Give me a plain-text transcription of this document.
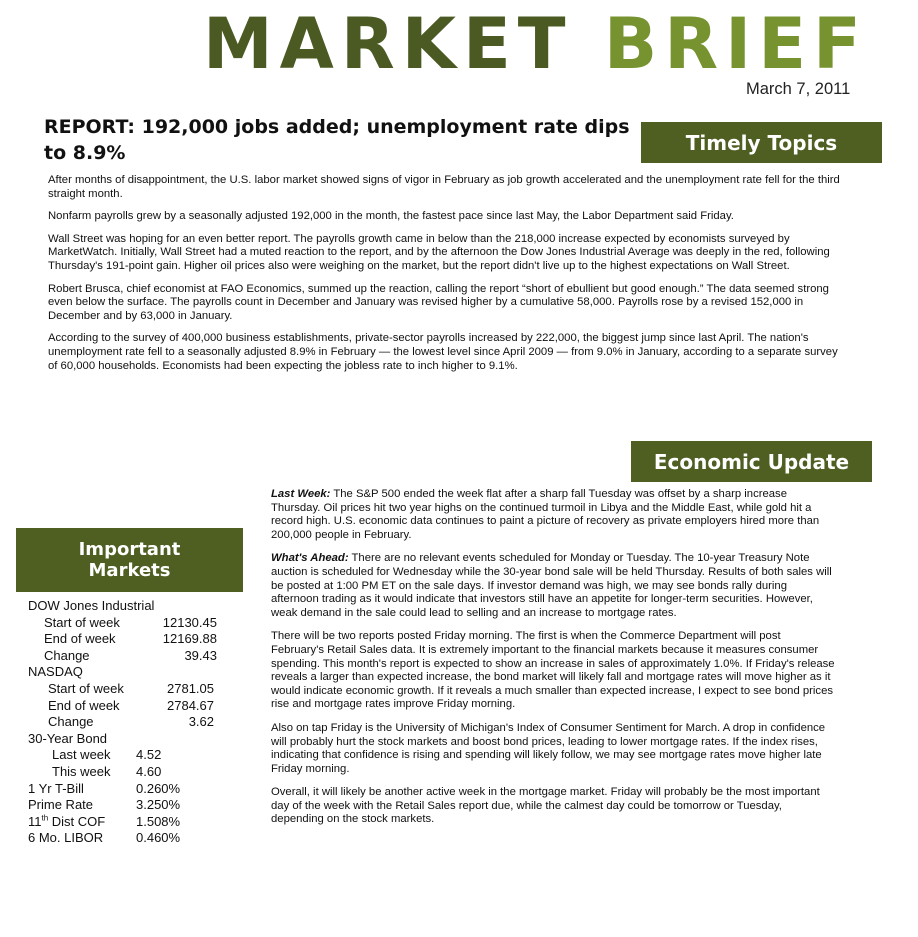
MARKET BRIEF
March 7, 2011
REPORT: 192,000 jobs added; unemployment rate dips to 8.9%	Timely Topics

After months of disappointment, the U.S. labor market showed signs of vigor in February as job growth accelerated and the unemployment rate fell for the third straight month.

Nonfarm payrolls grew by a seasonally adjusted 192,000 in the month, the fastest pace since last May, the Labor Department said Friday.

Wall Street was hoping for an even better report. The payrolls growth came in below than the 218,000 increase expected by economists surveyed by MarketWatch. Initially, Wall Street had a muted reaction to the report, and by the afternoon the Dow Jones Industrial Average was deeply in the red, following Thursday's 191-point gain. Higher oil prices also were weighing on the market, but the report didn't live up to the highest expectations on Wall Street.

Robert Brusca, chief economist at FAO Economics, summed up the reaction, calling the report “short of ebullient but good enough.” The data seemed strong even below the surface. The payrolls count in December and January was revised higher by a cumulative 58,000. Payrolls rose by a revised 152,000 in December and by 63,000 in January.

According to the survey of 400,000 business establishments, private-sector payrolls increased by 222,000, the biggest jump since last April. The nation's unemployment rate fell to a seasonally adjusted 8.9% in February — the lowest level since April 2009 — from 9.0% in January, according to a separate survey of 60,000 households. Economists had been expecting the jobless rate to inch higher to 9.1%.

Economic Update

Last Week: The S&P 500 ended the week flat after a sharp fall Tuesday was offset by a sharp increase Thursday. Oil prices hit two year highs on the continued turmoil in Libya and the Middle East, while gold hit a record high. U.S. economic data continues to paint a picture of recovery as private employers hired more than 200,000 people in February.

What's Ahead: There are no relevant events scheduled for Monday or Tuesday. The 10-year Treasury Note auction is scheduled for Wednesday while the 30-year bond sale will be held Thursday. Results of both sales will be posted at 1:00 PM ET on the sale days. If investor demand was high, we may see bonds rally during afternoon trading as it would indicate that investors still have an appetite for longer-term securities. However, weak demand in the sale could lead to selling and an increase to mortgage rates.

There will be two reports posted Friday morning. The first is when the Commerce Department will post February's Retail Sales data. It is extremely important to the financial markets because it measures consumer spending. This month's report is expected to show an increase in sales of approximately 1.0%. If Friday's release reveals a larger than expected increase, the bond market will likely fall and mortgage rates will move higher as it would indicate economic growth. If it reveals a much smaller than expected increase, I expect to see bond prices rise and mortgage rates improve Friday morning.

Also on tap Friday is the University of Michigan's Index of Consumer Sentiment for March. A drop in confidence will probably hurt the stock markets and boost bond prices, leading to lower mortgage rates. If the index rises, indicating that confidence is rising and spending will likely follow, we may see mortgage rates move higher late Friday morning.

Overall, it will likely be another active week in the mortgage market. Friday will probably be the most important day of the week with the Retail Sales report due, while the calmest day could be tomorrow or Tuesday, depending on the stock markets.

Important
Markets
DOW Jones Industrial
Start of week	12130.45
End of week	12169.88
Change	39.43
NASDAQ
Start of week	2781.05
End of week	2784.67
Change	3.62
30-Year Bond
Last week	4.52
This week	4.60
1 Yr T-Bill	0.260%
Prime Rate	3.250%
11th Dist COF	1.508%
6 Mo. LIBOR	0.460%
